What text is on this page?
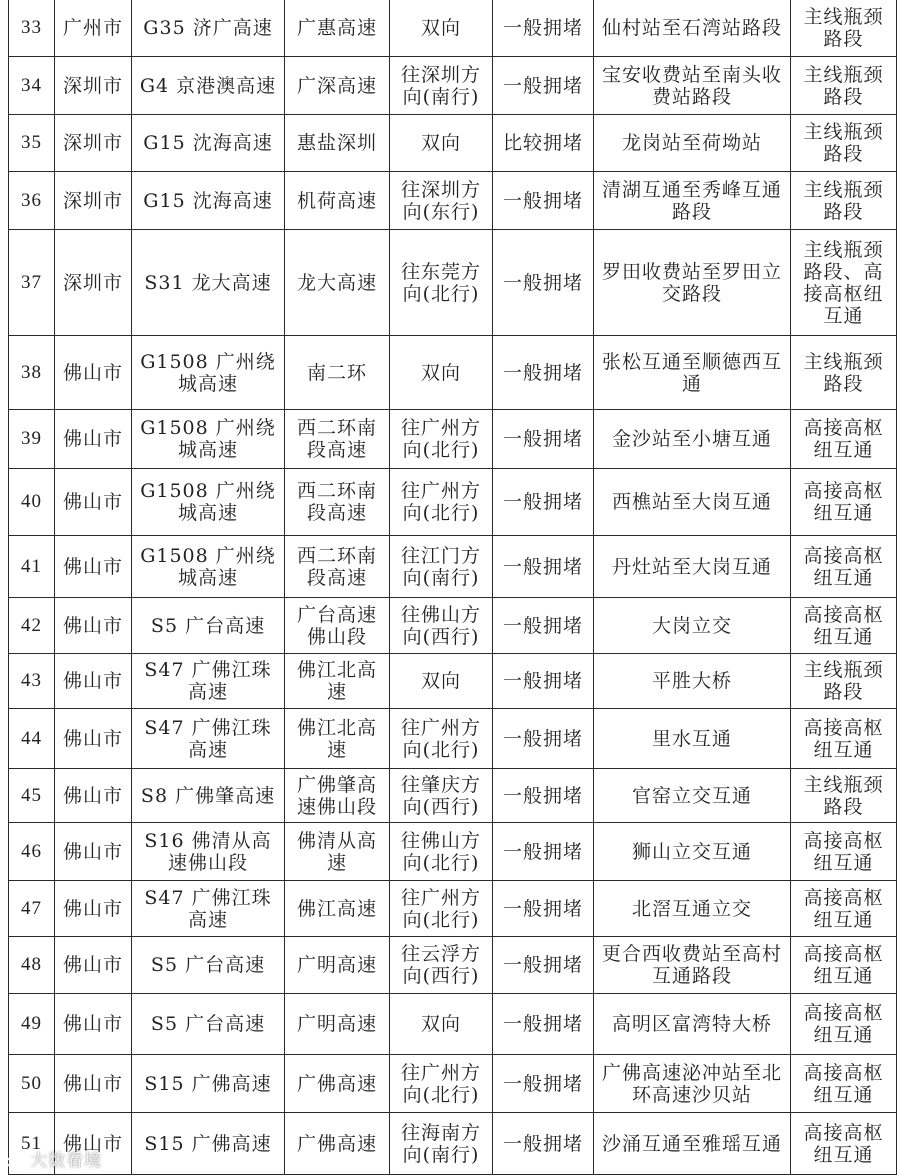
33	广州市	G35 济广高速	广惠高速	双向	一般拥堵	仙村站至石湾站路段	主线瓶颈路段
34	深圳市	G4 京港澳高速	广深高速	往深圳方向(南行)	一般拥堵	宝安收费站至南头收费站路段	主线瓶颈路段
35	深圳市	G15 沈海高速	惠盐深圳	双向	比较拥堵	龙岗站至荷坳站	主线瓶颈路段
36	深圳市	G15 沈海高速	机荷高速	往深圳方向(东行)	一般拥堵	清湖互通至秀峰互通路段	主线瓶颈路段
37	深圳市	S31 龙大高速	龙大高速	往东莞方向(北行)	一般拥堵	罗田收费站至罗田立交路段	主线瓶颈路段、高接高枢纽互通
38	佛山市	G1508 广州绕城高速	南二环	双向	一般拥堵	张松互通至顺德西互通	主线瓶颈路段
39	佛山市	G1508 广州绕城高速	西二环南段高速	往广州方向(北行)	一般拥堵	金沙站至小塘互通	高接高枢纽互通
40	佛山市	G1508 广州绕城高速	西二环南段高速	往广州方向(北行)	一般拥堵	西樵站至大岗互通	高接高枢纽互通
41	佛山市	G1508 广州绕城高速	西二环南段高速	往江门方向(南行)	一般拥堵	丹灶站至大岗互通	高接高枢纽互通
42	佛山市	S5 广台高速	广台高速佛山段	往佛山方向(西行)	一般拥堵	大岗立交	高接高枢纽互通
43	佛山市	S47 广佛江珠高速	佛江北高速	双向	一般拥堵	平胜大桥	主线瓶颈路段
44	佛山市	S47 广佛江珠高速	佛江北高速	往广州方向(北行)	一般拥堵	里水互通	高接高枢纽互通
45	佛山市	S8 广佛肇高速	广佛肇高速佛山段	往肇庆方向(西行)	一般拥堵	官窑立交互通	主线瓶颈路段
46	佛山市	S16 佛清从高速佛山段	佛清从高速	往佛山方向(北行)	一般拥堵	狮山立交互通	高接高枢纽互通
47	佛山市	S47 广佛江珠高速	佛江高速	往广州方向(北行)	一般拥堵	北滘互通立交	高接高枢纽互通
48	佛山市	S5 广台高速	广明高速	往云浮方向(西行)	一般拥堵	更合西收费站至高村互通路段	高接高枢纽互通
49	佛山市	S5 广台高速	广明高速	双向	一般拥堵	高明区富湾特大桥	高接高枢纽互通
50	佛山市	S15 广佛高速	广佛高速	往广州方向(北行)	一般拥堵	广佛高速泌冲站至北环高速沙贝站	高接高枢纽互通
51	佛山市	S15 广佛高速	广佛高速	往海南方向(南行)	一般拥堵	沙涌互通至雅瑶互通	高接高枢纽互通
大数看境
